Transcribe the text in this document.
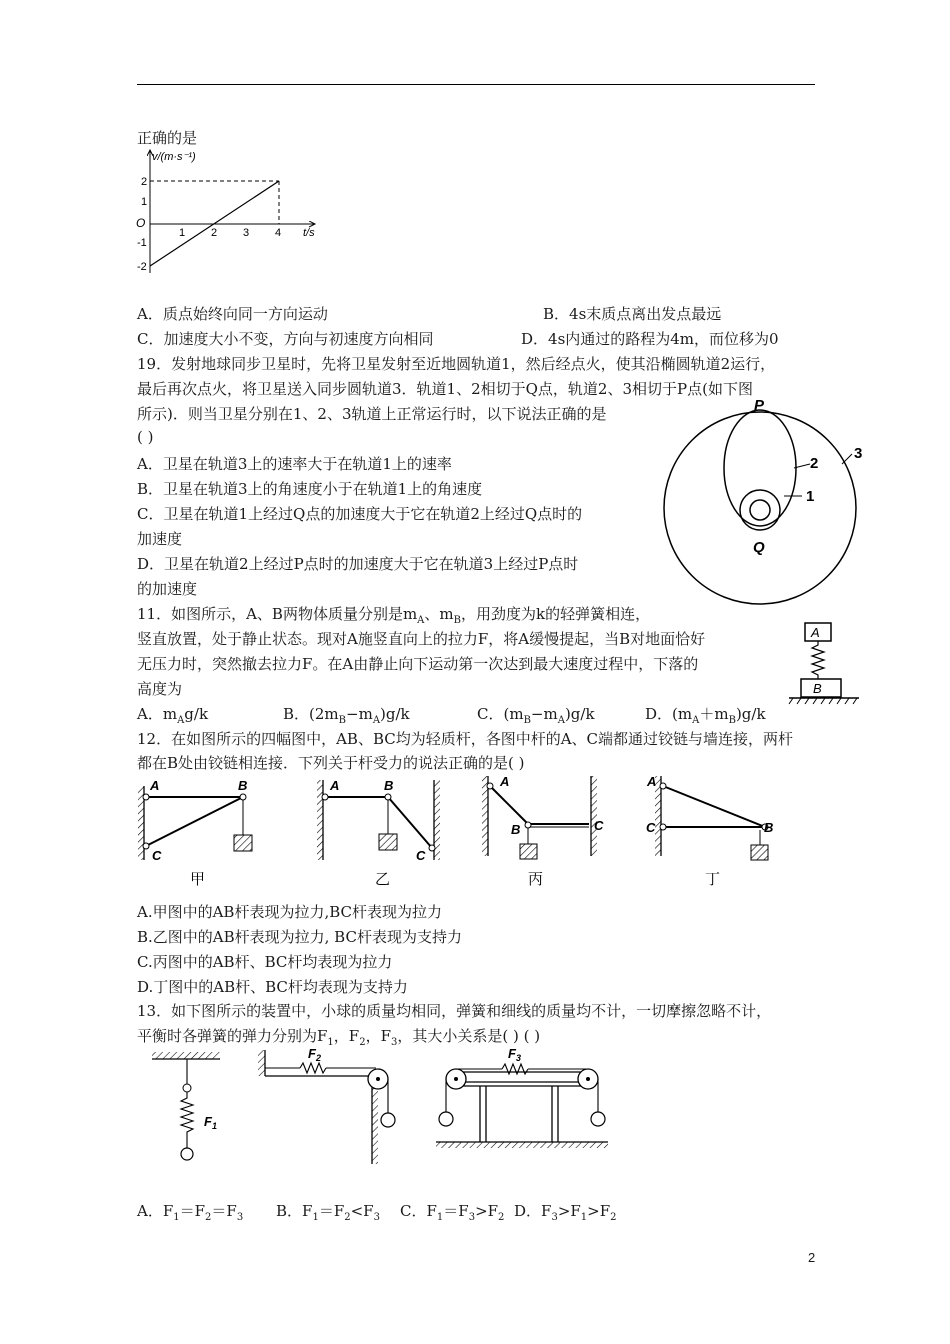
正确的是
v/(m·s⁻¹)
2
1
O
-1
-2
1 2 3 4 t/s
A．质点始终向同一方向运动	B．4s末质点离出发点最远
C．加速度大小不变，方向与初速度方向相同	D．4s内通过的路程为4m，而位移为0
19．发射地球同步卫星时，先将卫星发射至近地圆轨道1，然后经点火，使其沿椭圆轨道2运行，
最后再次点火，将卫星送入同步圆轨道3．轨道1、2相切于Q点，轨道2、3相切于P点(如下图
所示)．则当卫星分别在1、2、3轨道上正常运行时，以下说法正确的是
( )
A．卫星在轨道3上的速率大于在轨道1上的速率
B．卫星在轨道3上的角速度小于在轨道1上的角速度
C．卫星在轨道1上经过Q点的加速度大于它在轨道2上经过Q点时的
加速度
D．卫星在轨道2上经过P点时的加速度大于它在轨道3上经过P点时
的加速度
P
Q
1
2
3
11．如图所示，A、B两物体质量分别是$m_A$、$m_B$，用劲度为k的轻弹簧相连，
竖直放置，处于静止状态。现对A施竖直向上的拉力F，将A缓慢提起，当B对地面恰好
无压力时，突然撤去拉力F。在A由静止向下运动第一次达到最大速度过程中，下落的
高度为
A．$m_Ag/k$	B．$(2m_B-m_A)g/k$	C．$(m_B-m_A)g/k$	D．$(m_A+m_B)g/k$
A
B
12．在如图所示的四幅图中，AB、BC均为轻质杆，各图中杆的A、C端都通过铰链与墙连接，两杆
都在B处由铰链相连接．下列关于杆受力的说法正确的是( )
A	B
C
甲
A	B
C
乙
A
B	C
丙
A
C	B
丁
A.甲图中的AB杆表现为拉力,BC杆表现为拉力
B.乙图中的AB杆表现为拉力, BC杆表现为支持力
C.丙图中的AB杆、BC杆均表现为拉力
D.丁图中的AB杆、BC杆均表现为支持力
13．如下图所示的装置中，小球的质量均相同，弹簧和细线的质量均不计，一切摩擦忽略不计，
平衡时各弹簧的弹力分别为$F_1$，$F_2$，$F_3$，其大小关系是( ) ( )
$F_1$
$F_2$	$F_3$
A．$F_1=F_2=F_3$ B．$F_1=F_2<F_3$ C．$F_1=F_3>F_2$ D．$F_3>F_1>F_2$
2
